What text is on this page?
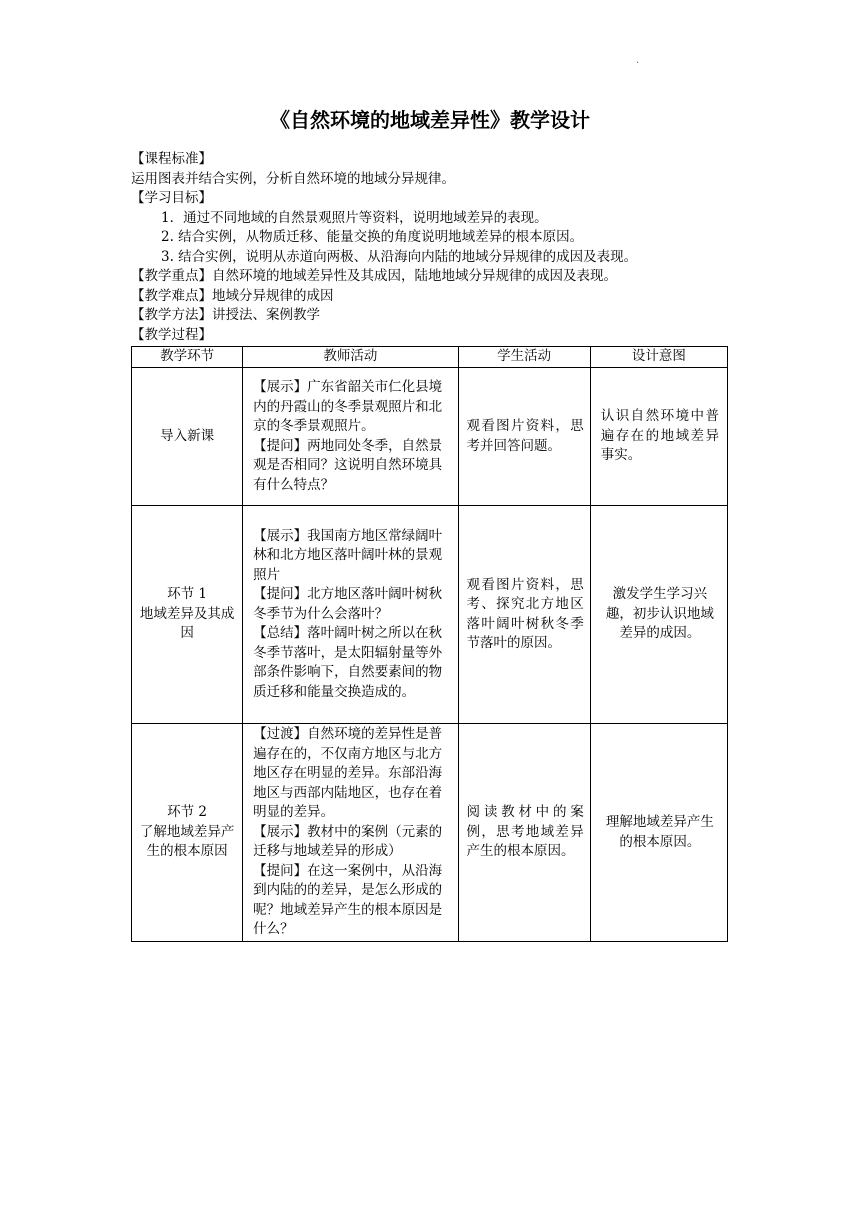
·
《自然环境的地域差异性》教学设计
【课程标准】
运用图表并结合实例，分析自然环境的地域分异规律。
【学习目标】
1．通过不同地域的自然景观照片等资料，说明地域差异的表现。
2. 结合实例，从物质迁移、能量交换的角度说明地域差异的根本原因。
3. 结合实例，说明从赤道向两极、从沿海向内陆的地域分异规律的成因及表现。
【教学重点】自然环境的地域差异性及其成因，陆地地域分异规律的成因及表现。
【教学难点】地域分异规律的成因
【教学方法】讲授法、案例教学
【教学过程】
教学环节	教师活动	学生活动	设计意图
导入新课	【展示】广东省韶关市仁化县境内的丹霞山的冬季景观照片和北京的冬季景观照片。
【提问】两地同处冬季，自然景观是否相同？这说明自然环境具有什么特点？	观看图片资料，思考并回答问题。	认识自然环境中普遍存在的地域差异事实。

环节 1
地域差异及其成因	【展示】我国南方地区常绿阔叶林和北方地区落叶阔叶林的景观照片
【提问】北方地区落叶阔叶树秋冬季节为什么会落叶？
【总结】落叶阔叶树之所以在秋冬季节落叶，是太阳辐射量等外部条件影响下，自然要素间的物质迁移和能量交换造成的。	观看图片资料，思考、探究北方地区落叶阔叶树秋冬季节落叶的原因。	激发学生学习兴趣，初步认识地域差异的成因。

环节 2
了解地域差异产生的根本原因	【过渡】自然环境的差异性是普遍存在的，不仅南方地区与北方地区存在明显的差异。东部沿海地区与西部内陆地区，也存在着明显的差异。
【展示】教材中的案例（元素的迁移与地域差异的形成）
【提问】在这一案例中，从沿海到内陆的的差异，是怎么形成的呢？地域差异产生的根本原因是什么？	阅读教材中的案例，思考地域差异产生的根本原因。	理解地域差异产生的根本原因。
